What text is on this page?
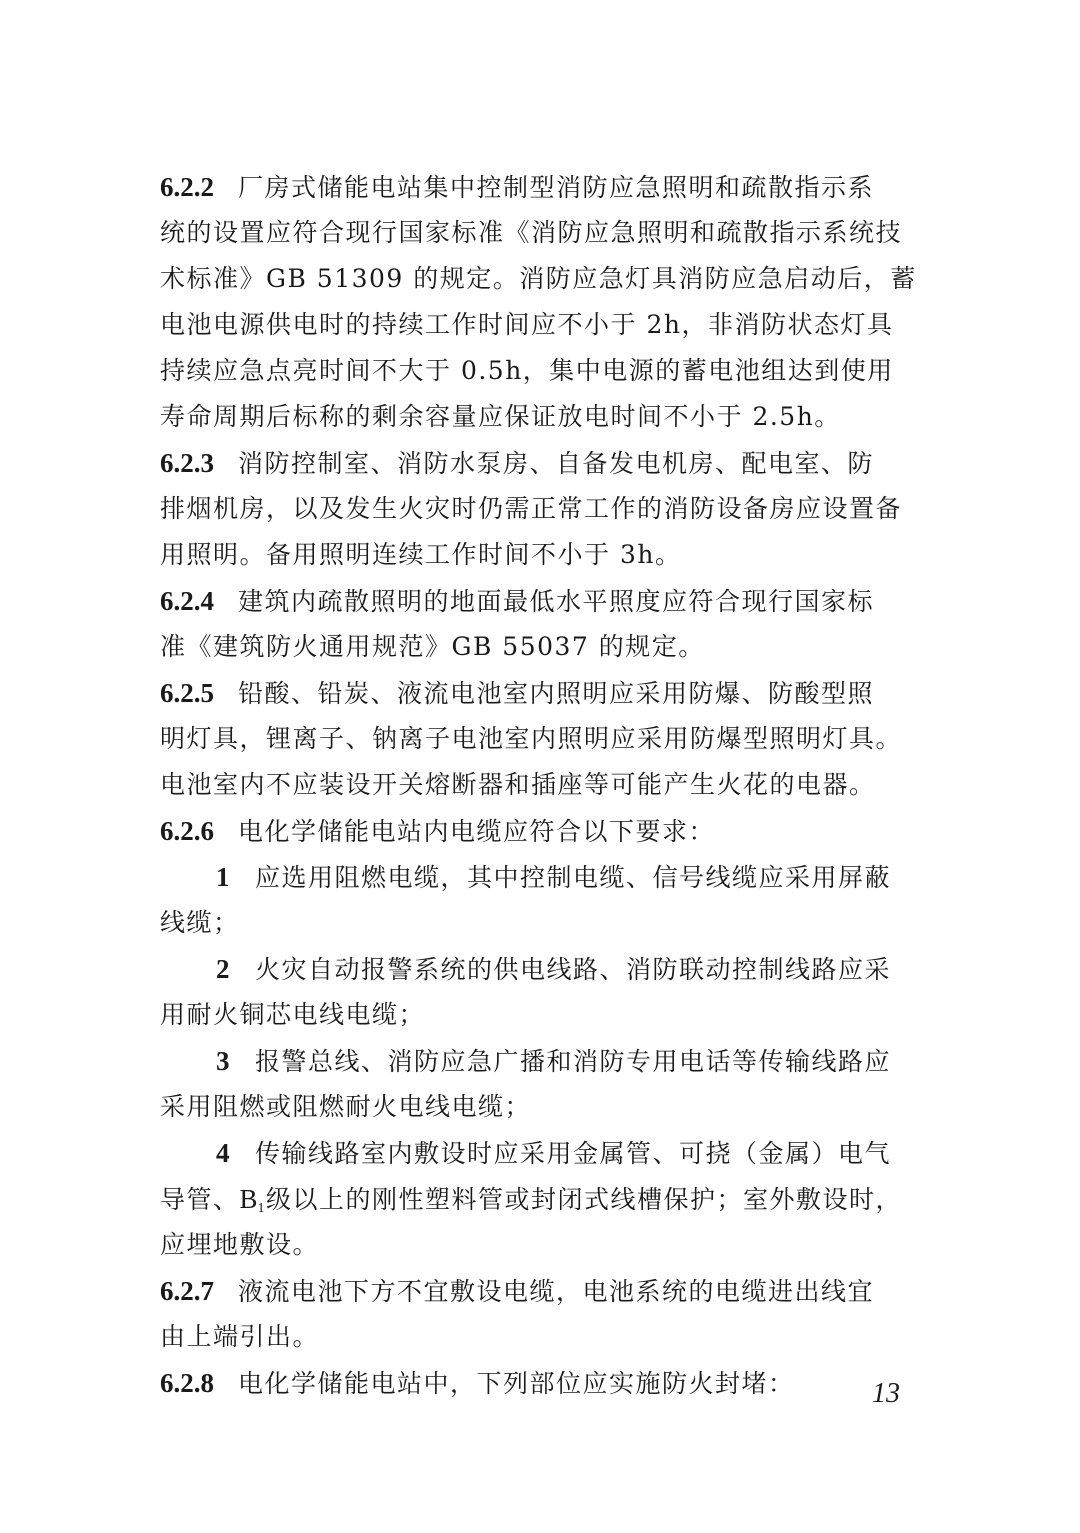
6.2.2 厂房式储能电站集中控制型消防应急照明和疏散指示系
统的设置应符合现行国家标准《消防应急照明和疏散指示系统技
术标准》GB 51309 的规定。消防应急灯具消防应急启动后，蓄
电池电源供电时的持续工作时间应不小于 2h，非消防状态灯具
持续应急点亮时间不大于 0.5h，集中电源的蓄电池组达到使用
寿命周期后标称的剩余容量应保证放电时间不小于 2.5h。
6.2.3 消防控制室、消防水泵房、自备发电机房、配电室、防
排烟机房，以及发生火灾时仍需正常工作的消防设备房应设置备
用照明。备用照明连续工作时间不小于 3h。
6.2.4 建筑内疏散照明的地面最低水平照度应符合现行国家标
准《建筑防火通用规范》GB 55037 的规定。
6.2.5 铅酸、铅炭、液流电池室内照明应采用防爆、防酸型照
明灯具，锂离子、钠离子电池室内照明应采用防爆型照明灯具。
电池室内不应装设开关熔断器和插座等可能产生火花的电器。
6.2.6 电化学储能电站内电缆应符合以下要求：
1 应选用阻燃电缆，其中控制电缆、信号线缆应采用屏蔽
线缆；
2 火灾自动报警系统的供电线路、消防联动控制线路应采
用耐火铜芯电线电缆；
3 报警总线、消防应急广播和消防专用电话等传输线路应
采用阻燃或阻燃耐火电线电缆；
4 传输线路室内敷设时应采用金属管、可挠（金属）电气
导管、$B_1$级以上的刚性塑料管或封闭式线槽保护；室外敷设时，
应埋地敷设。
6.2.7 液流电池下方不宜敷设电缆，电池系统的电缆进出线宜
由上端引出。
6.2.8 电化学储能电站中，下列部位应实施防火封堵：	13
